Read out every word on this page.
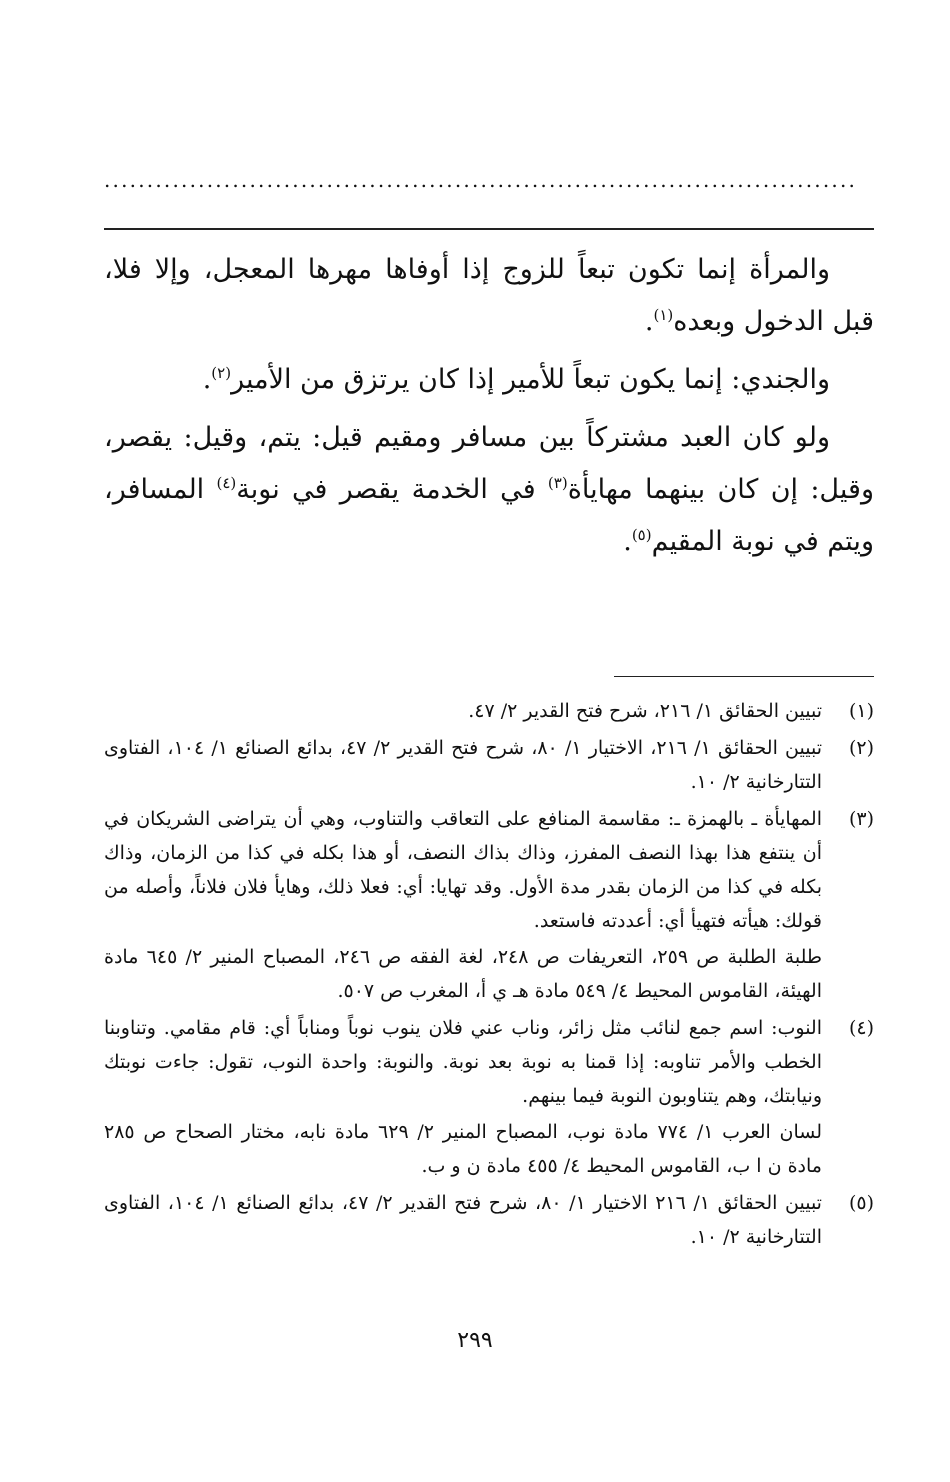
........................................................................................

والمرأة إنما تكون تبعاً للزوج إذا أوفاها مهرها المعجل، وإلا فلا، قبل الدخول وبعده$^{(١)}$.

والجندي: إنما يكون تبعاً للأمير إذا كان يرتزق من الأمير$^{(٢)}$.

ولو كان العبد مشتركاً بين مسافر ومقيم قيل: يتم، وقيل: يقصر، وقيل: إن كان بينهما مهايأة$^{(٣)}$ في الخدمة يقصر في نوبة$^{(٤)}$ المسافر، ويتم في نوبة المقيم$^{(٥)}$.

(١)

تبيين الحقائق ١/ ٢١٦، شرح فتح القدير ٢/ ٤٧.

(٢)

تبيين الحقائق ١/ ٢١٦، الاختيار ١/ ٨٠، شرح فتح القدير ٢/ ٤٧، بدائع الصنائع ١/ ١٠٤، الفتاوى التتارخانية ٢/ ١٠.

(٣)

المهايأة ـ بالهمزة ـ: مقاسمة المنافع على التعاقب والتناوب، وهي أن يتراضى الشريكان في أن ينتفع هذا بهذا النصف المفرز، وذاك بذاك النصف، أو هذا بكله في كذا من الزمان، وذاك بكله في كذا من الزمان بقدر مدة الأول. وقد تهايا: أي: فعلا ذلك، وهايأ فلان فلاناً، وأصله من قولك: هيأته فتهيأ أي: أعددته فاستعد.

طلبة الطلبة ص ٢٥٩، التعريفات ص ٢٤٨، لغة الفقه ص ٢٤٦، المصباح المنير ٢/ ٦٤٥ مادة الهيئة، القاموس المحيط ٤/ ٥٤٩ مادة هـ ي أ، المغرب ص ٥٠٧.

(٤)

النوب: اسم جمع لنائب مثل زائر، وناب عني فلان ينوب نوباً ومناباً أي: قام مقامي. وتناوبنا الخطب والأمر تناوبه: إذا قمنا به نوبة بعد نوبة. والنوبة: واحدة النوب، تقول: جاءت نوبتك ونيابتك، وهم يتناوبون النوبة فيما بينهم.

لسان العرب ١/ ٧٧٤ مادة نوب، المصباح المنير ٢/ ٦٢٩ مادة نابه، مختار الصحاح ص ٢٨٥ مادة ن ا ب، القاموس المحيط ٤/ ٤٥٥ مادة ن و ب.

(٥)

تبيين الحقائق ١/ ٢١٦ الاختيار ١/ ٨٠، شرح فتح القدير ٢/ ٤٧، بدائع الصنائع ١/ ١٠٤، الفتاوى التتارخانية ٢/ ١٠.

٢٩٩
